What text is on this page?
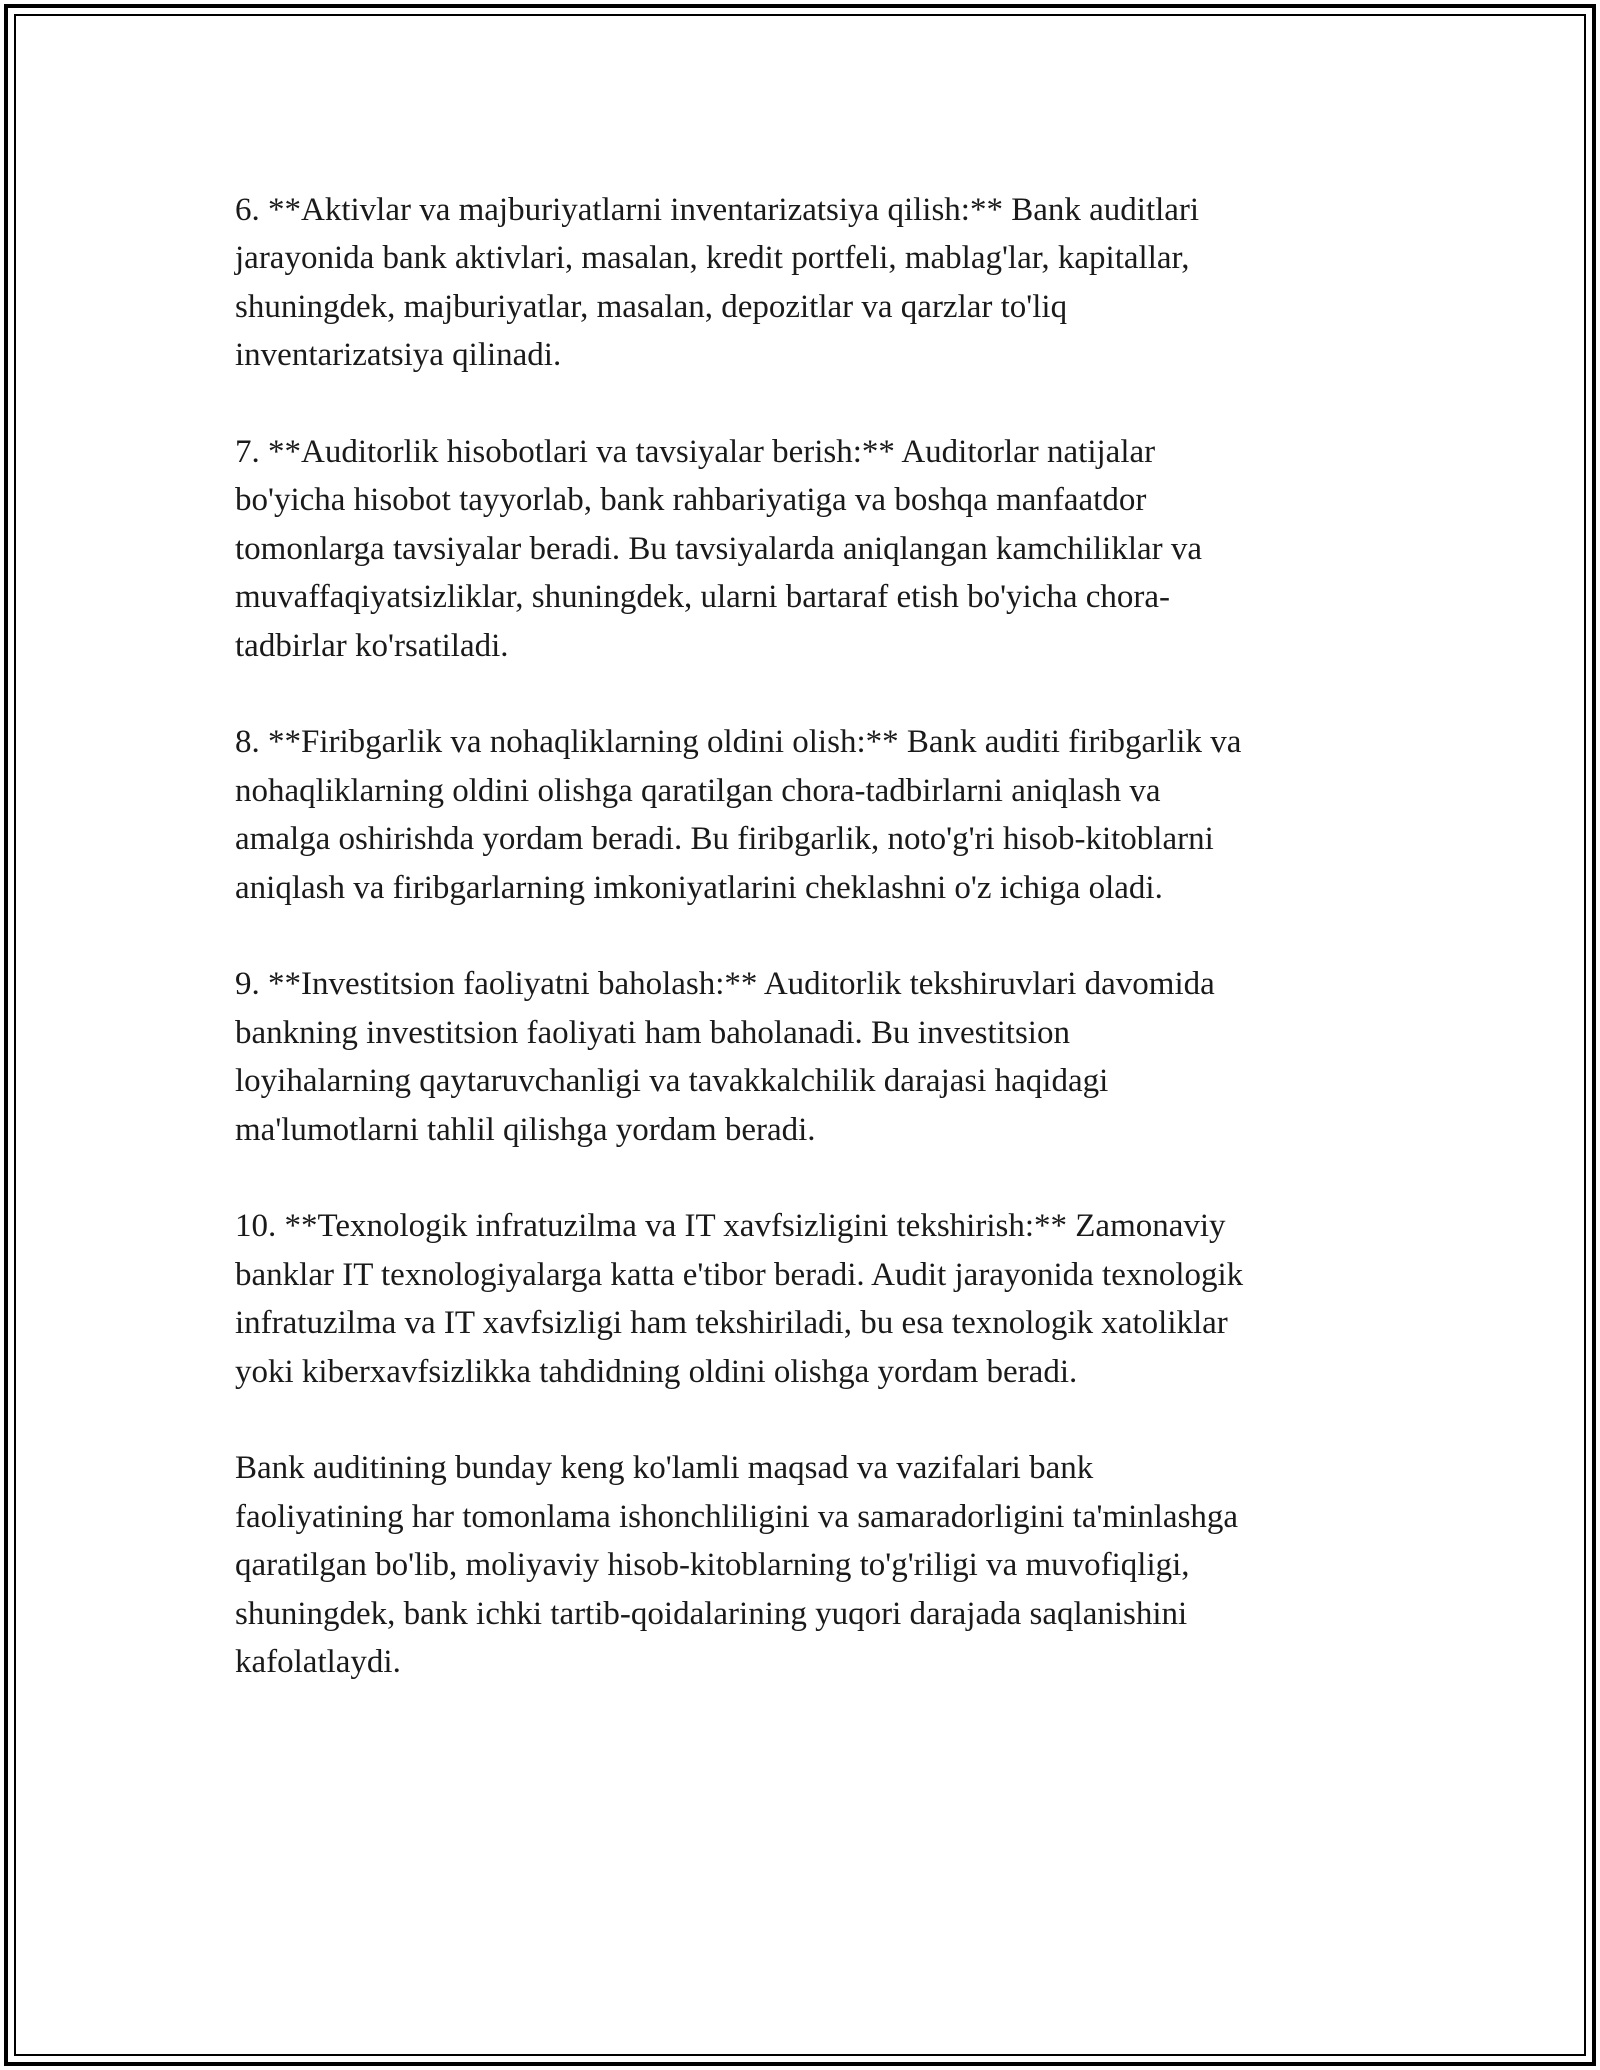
6. **Aktivlar va majburiyatlarni inventarizatsiya qilish:** Bank auditlari
jarayonida bank aktivlari, masalan, kredit portfeli, mablag'lar, kapitallar,
shuningdek, majburiyatlar, masalan, depozitlar va qarzlar to'liq
inventarizatsiya qilinadi.
7. **Auditorlik hisobotlari va tavsiyalar berish:** Auditorlar natijalar
bo'yicha hisobot tayyorlab, bank rahbariyatiga va boshqa manfaatdor
tomonlarga tavsiyalar beradi. Bu tavsiyalarda aniqlangan kamchiliklar va
muvaffaqiyatsizliklar, shuningdek, ularni bartaraf etish bo'yicha chora-
tadbirlar ko'rsatiladi.
8. **Firibgarlik va nohaqliklarning oldini olish:** Bank auditi firibgarlik va
nohaqliklarning oldini olishga qaratilgan chora-tadbirlarni aniqlash va
amalga oshirishda yordam beradi. Bu firibgarlik, noto'g'ri hisob-kitoblarni
aniqlash va firibgarlarning imkoniyatlarini cheklashni o'z ichiga oladi.
9. **Investitsion faoliyatni baholash:** Auditorlik tekshiruvlari davomida
bankning investitsion faoliyati ham baholanadi. Bu investitsion
loyihalarning qaytaruvchanligi va tavakkalchilik darajasi haqidagi
ma'lumotlarni tahlil qilishga yordam beradi.
10. **Texnologik infratuzilma va IT xavfsizligini tekshirish:** Zamonaviy
banklar IT texnologiyalarga katta e'tibor beradi. Audit jarayonida texnologik
infratuzilma va IT xavfsizligi ham tekshiriladi, bu esa texnologik xatoliklar
yoki kiberxavfsizlikka tahdidning oldini olishga yordam beradi.
Bank auditining bunday keng ko'lamli maqsad va vazifalari bank
faoliyatining har tomonlama ishonchliligini va samaradorligini ta'minlashga
qaratilgan bo'lib, moliyaviy hisob-kitoblarning to'g'riligi va muvofiqligi,
shuningdek, bank ichki tartib-qoidalarining yuqori darajada saqlanishini
kafolatlaydi.
